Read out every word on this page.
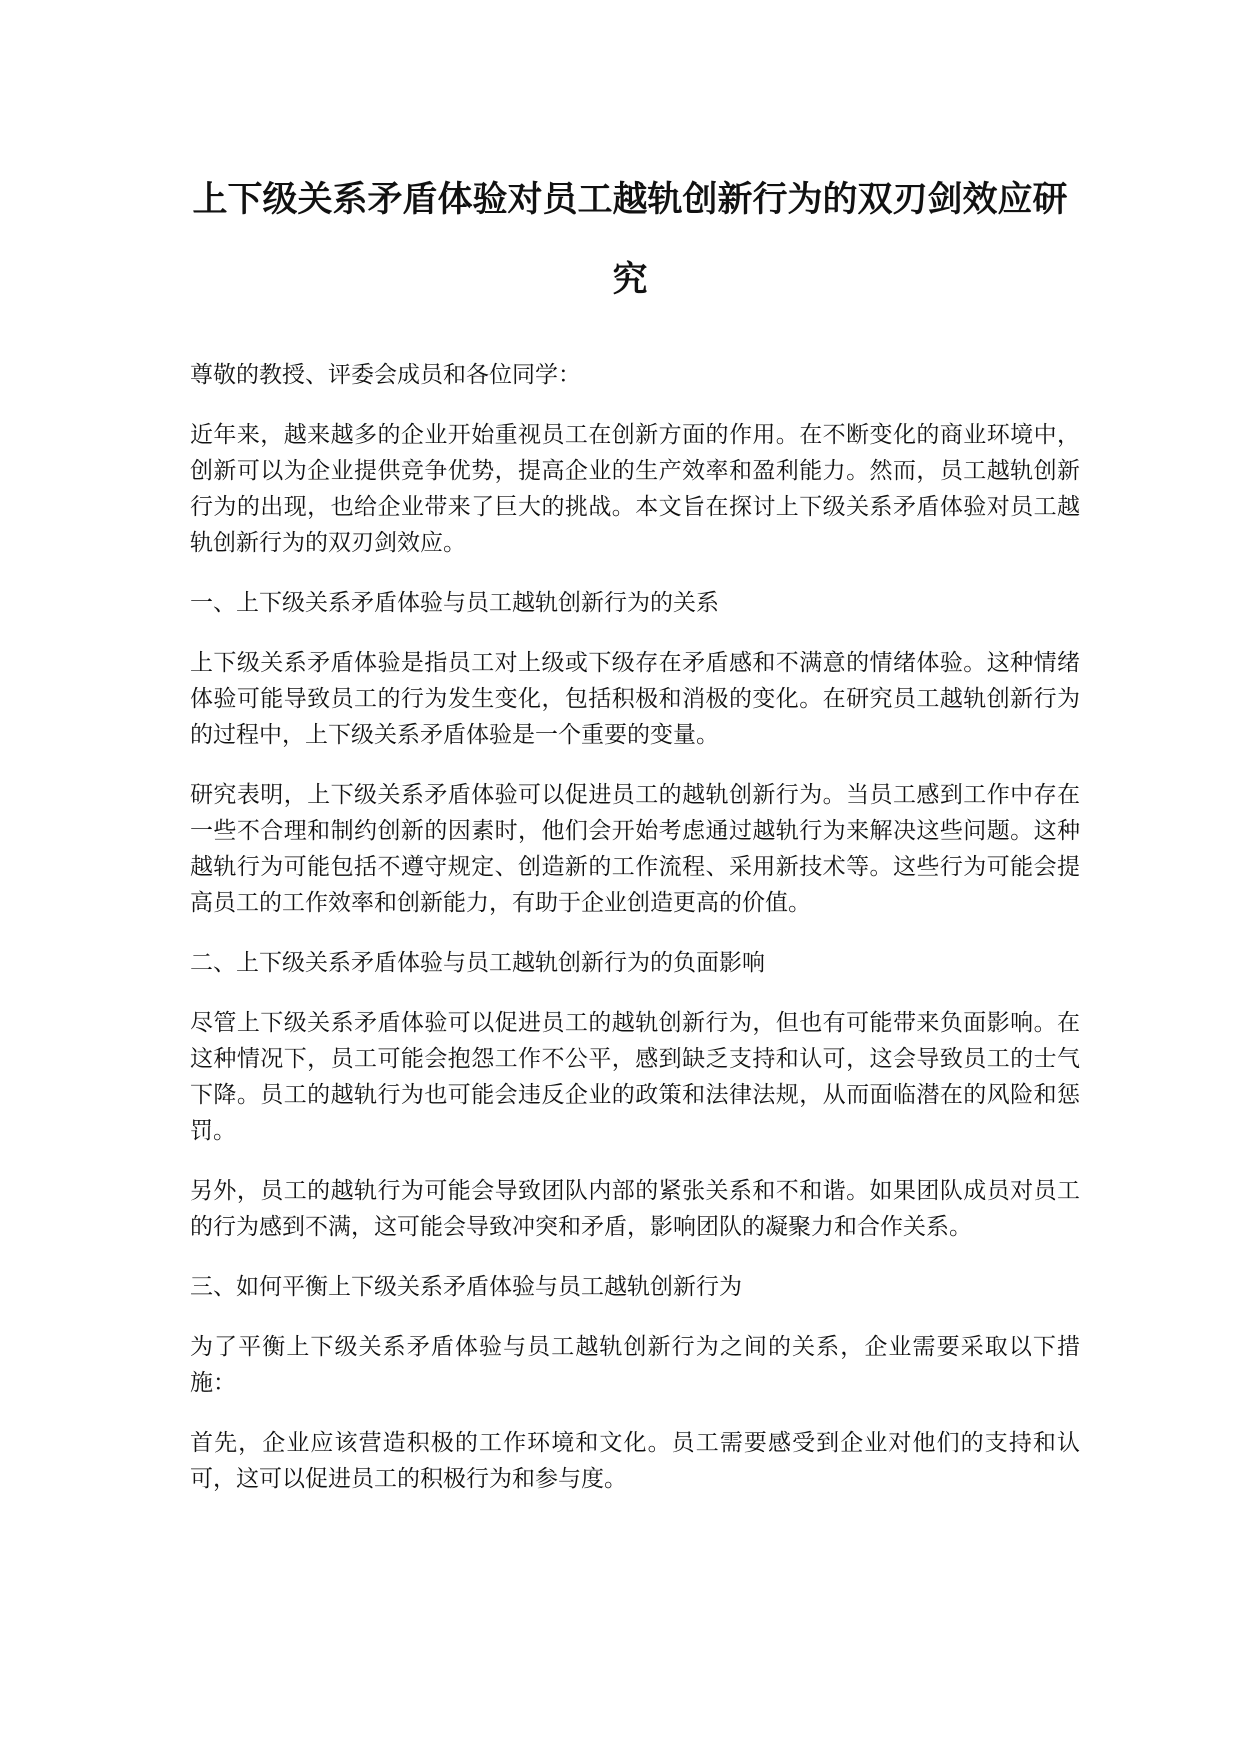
上下级关系矛盾体验对员工越轨创新行为的双刃剑效应研究

尊敬的教授、评委会成员和各位同学：

近年来，越来越多的企业开始重视员工在创新方面的作用。在不断变化的商业环境中，创新可以为企业提供竞争优势，提高企业的生产效率和盈利能力。然而，员工越轨创新行为的出现，也给企业带来了巨大的挑战。本文旨在探讨上下级关系矛盾体验对员工越轨创新行为的双刃剑效应。

一、上下级关系矛盾体验与员工越轨创新行为的关系

上下级关系矛盾体验是指员工对上级或下级存在矛盾感和不满意的情绪体验。这种情绪体验可能导致员工的行为发生变化，包括积极和消极的变化。在研究员工越轨创新行为的过程中，上下级关系矛盾体验是一个重要的变量。

研究表明，上下级关系矛盾体验可以促进员工的越轨创新行为。当员工感到工作中存在一些不合理和制约创新的因素时，他们会开始考虑通过越轨行为来解决这些问题。这种越轨行为可能包括不遵守规定、创造新的工作流程、采用新技术等。这些行为可能会提高员工的工作效率和创新能力，有助于企业创造更高的价值。

二、上下级关系矛盾体验与员工越轨创新行为的负面影响

尽管上下级关系矛盾体验可以促进员工的越轨创新行为，但也有可能带来负面影响。在这种情况下，员工可能会抱怨工作不公平，感到缺乏支持和认可，这会导致员工的士气下降。员工的越轨行为也可能会违反企业的政策和法律法规，从而面临潜在的风险和惩罚。

另外，员工的越轨行为可能会导致团队内部的紧张关系和不和谐。如果团队成员对员工的行为感到不满，这可能会导致冲突和矛盾，影响团队的凝聚力和合作关系。

三、如何平衡上下级关系矛盾体验与员工越轨创新行为

为了平衡上下级关系矛盾体验与员工越轨创新行为之间的关系，企业需要采取以下措施：

首先，企业应该营造积极的工作环境和文化。员工需要感受到企业对他们的支持和认可，这可以促进员工的积极行为和参与度。
